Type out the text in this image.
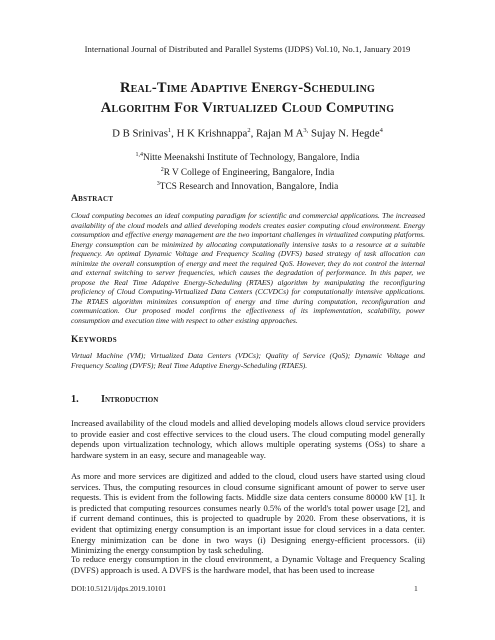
International Journal of Distributed and Parallel Systems (IJDPS) Vol.10, No.1, January 2019
Real-Time Adaptive Energy-Scheduling
Algorithm For Virtualized Cloud Computing
D B Srinivas$^1$, H K Krishnappa$^2$, Rajan M $A^{3,}$ Sujay N. Hegde$^4$
$^{1,4}$Nitte Meenakshi Institute of Technology, Bangalore, India
$^2$R V College of Engineering, Bangalore, India
$^3$TCS Research and Innovation, Bangalore, India
Abstract
Cloud computing becomes an ideal computing paradigm for scientific and commercial applications. The increased availability of the cloud models and allied developing models creates easier computing cloud environment. Energy consumption and effective energy management are the two important challenges in virtualized computing platforms. Energy consumption can be minimized by allocating computationally intensive tasks to a resource at a suitable frequency. An optimal Dynamic Voltage and Frequency Scaling (DVFS) based strategy of task allocation can minimize the overall consumption of energy and meet the required QoS. However, they do not control the internal and external switching to server frequencies, which causes the degradation of performance. In this paper, we propose the Real Time Adaptive Energy-Scheduling (RTAES) algorithm by manipulating the reconfiguring proficiency of Cloud Computing-Virtualized Data Centers (CCVDCs) for computationally intensive applications. The RTAES algorithm minimizes consumption of energy and time during computation, reconfiguration and communication. Our proposed model confirms the effectiveness of its implementation, scalability, power consumption and execution time with respect to other existing approaches.
Keywords
Virtual Machine (VM); Virtualized Data Centers (VDCs); Quality of Service (QoS); Dynamic Voltage and Frequency Scaling (DVFS); Real Time Adaptive Energy-Scheduling (RTAES).
1. Introduction
Increased availability of the cloud models and allied developing models allows cloud service providers to provide easier and cost effective services to the cloud users. The cloud computing model generally depends upon virtualization technology, which allows multiple operating systems (OSs) to share a hardware system in an easy, secure and manageable way.
As more and more services are digitized and added to the cloud, cloud users have started using cloud services. Thus, the computing resources in cloud consume significant amount of power to serve user requests. This is evident from the following facts. Middle size data centers consume 80000 kW [1]. It is predicted that computing resources consumes nearly 0.5% of the world's total power usage [2], and if current demand continues, this is projected to quadruple by 2020. From these observations, it is evident that optimizing energy consumption is an important issue for cloud services in a data center. Energy minimization can be done in two ways (i) Designing energy-efficient processors. (ii) Minimizing the energy consumption by task scheduling.
To reduce energy consumption in the cloud environment, a Dynamic Voltage and Frequency Scaling (DVFS) approach is used. A DVFS is the hardware model, that has been used to increase
DOI:10.5121/ijdps.2019.10101	1
